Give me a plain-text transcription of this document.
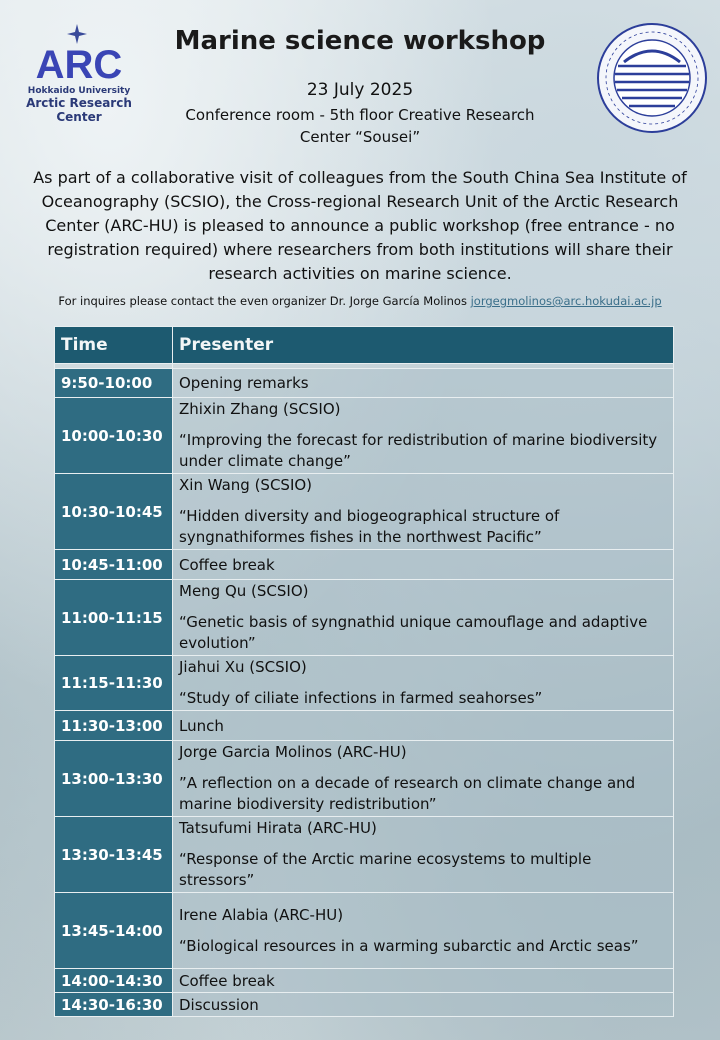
ARC
Hokkaido University
Arctic Research Center
Marine science workshop
23 July 2025
Conference room - 5th floor Creative Research
Center “Sousei”
As part of a collaborative visit of colleagues from the South China Sea Institute of Oceanography (SCSIO), the Cross-regional Research Unit of the Arctic Research Center (ARC-HU) is pleased to announce a public workshop (free entrance - no registration required) where researchers from both institutions will share their research activities on marine science.
For inquires please contact the even organizer Dr. Jorge García Molinos jorgegmolinos@arc.hokudai.ac.jp
Time	Presenter

9:50-10:00	Opening remarks
10:00-10:30	Zhixin Zhang (SCSIO)
“Improving the forecast for redistribution of marine biodiversity under climate change”

10:30-10:45	Xin Wang (SCSIO)
“Hidden diversity and biogeographical structure of syngnathiformes fishes in the northwest Pacific”

10:45-11:00	Coffee break
11:00-11:15	Meng Qu (SCSIO)
“Genetic basis of syngnathid unique camouflage and adaptive evolution”

11:15-11:30	Jiahui Xu (SCSIO)
“Study of ciliate infections in farmed seahorses”

11:30-13:00	Lunch
13:00-13:30	Jorge Garcia Molinos (ARC-HU)
”A reflection on a decade of research on climate change and marine biodiversity redistribution”

13:30-13:45	Tatsufumi Hirata (ARC-HU)
“Response of the Arctic marine ecosystems to multiple stressors”

13:45-14:00	Irene Alabia (ARC-HU)
“Biological resources in a warming subarctic and Arctic seas”

14:00-14:30	Coffee break
14:30-16:30	Discussion
